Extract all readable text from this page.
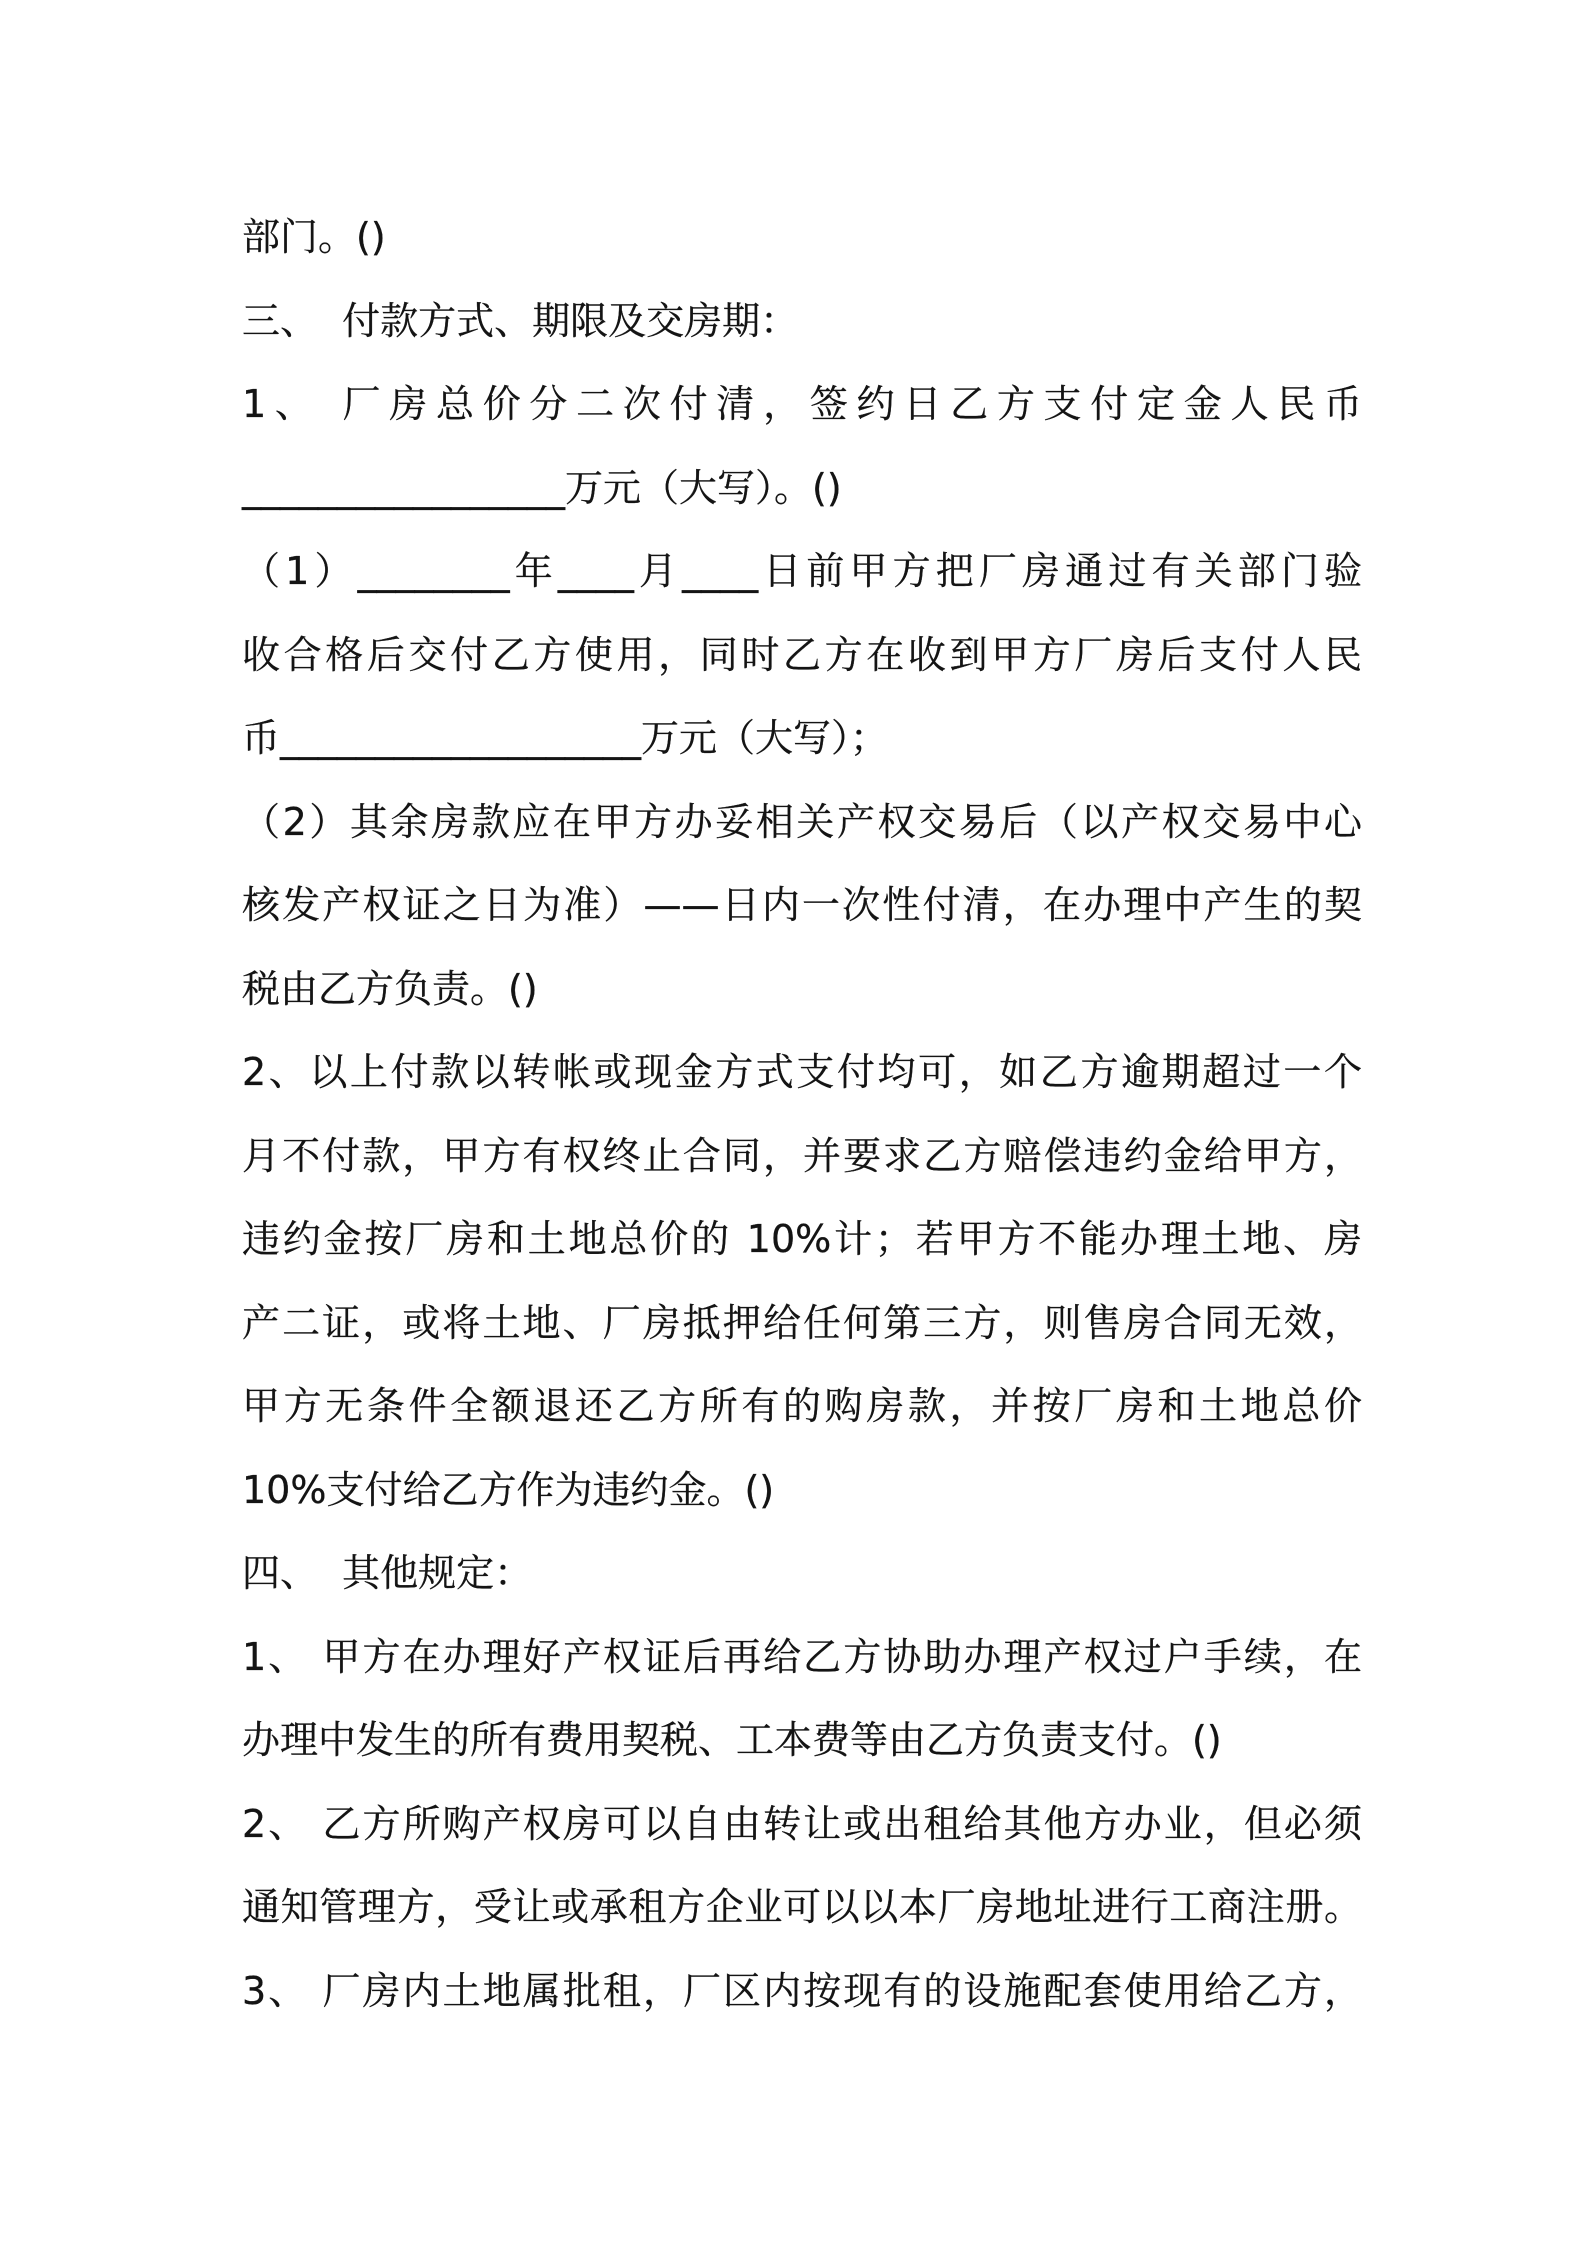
部门。()
三、  付款方式、期限及交房期：
1、 厂房总价分二次付清，签约日乙方支付定金人民币
_________________万元（大写）。()
（1）________年____月____日前甲方把厂房通过有关部门验
收合格后交付乙方使用，同时乙方在收到甲方厂房后支付人民
币___________________万元（大写）；
（2）其余房款应在甲方办妥相关产权交易后（以产权交易中心
核发产权证之日为准）——日内一次性付清，在办理中产生的契
税由乙方负责。()
2、以上付款以转帐或现金方式支付均可，如乙方逾期超过一个
月不付款，甲方有权终止合同，并要求乙方赔偿违约金给甲方，
违约金按厂房和土地总价的 10%计；若甲方不能办理土地、房
产二证，或将土地、厂房抵押给任何第三方，则售房合同无效，
甲方无条件全额退还乙方所有的购房款，并按厂房和土地总价
10%支付给乙方作为违约金。()
四、  其他规定：
1、 甲方在办理好产权证后再给乙方协助办理产权过户手续，在
办理中发生的所有费用契税、工本费等由乙方负责支付。()
2、 乙方所购产权房可以自由转让或出租给其他方办业，但必须
通知管理方，受让或承租方企业可以以本厂房地址进行工商注册。
3、 厂房内土地属批租，厂区内按现有的设施配套使用给乙方，
